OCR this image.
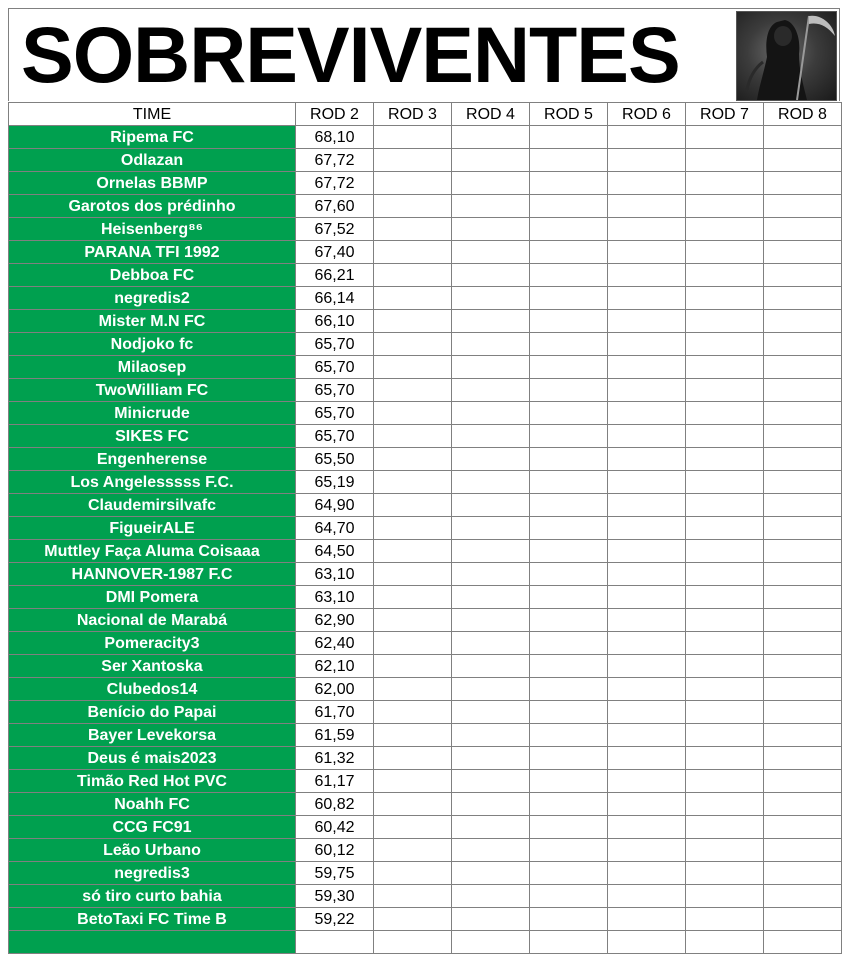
SOBREVIVENTES
TIME	ROD 2	ROD 3	ROD 4	ROD 5	ROD 6	ROD 7	ROD 8
Ripema FC	68,10						
Odlazan	67,72						
Ornelas BBMP	67,72						
Garotos dos prédinho	67,60						
Heisenberg⁸⁶	67,52						
PARANA TFI 1992	67,40						
Debboa FC	66,21						
negredis2	66,14						
Mister M.N FC	66,10						
Nodjoko fc	65,70						
Milaosep	65,70						
TwoWilliam FC	65,70						
Minicrude	65,70						
SIKES FC	65,70						
Engenherense	65,50						
Los Angelesssss F.C.	65,19						
Claudemirsilvafc	64,90						
FigueirALE	64,70						
Muttley Faça Aluma Coisaaa	64,50						
HANNOVER-1987 F.C	63,10						
DMI Pomera	63,10						
Nacional de Marabá	62,90						
Pomeracity3	62,40						
Ser Xantoska	62,10						
Clubedos14	62,00						
Benício do Papai	61,70						
Bayer Levekorsa	61,59						
Deus é mais2023	61,32						
Timão Red Hot PVC	61,17						
Noahh FC	60,82						
CCG FC91	60,42						
Leão Urbano	60,12						
negredis3	59,75						
só tiro curto bahia	59,30						
BetoTaxi FC Time B	59,22						
